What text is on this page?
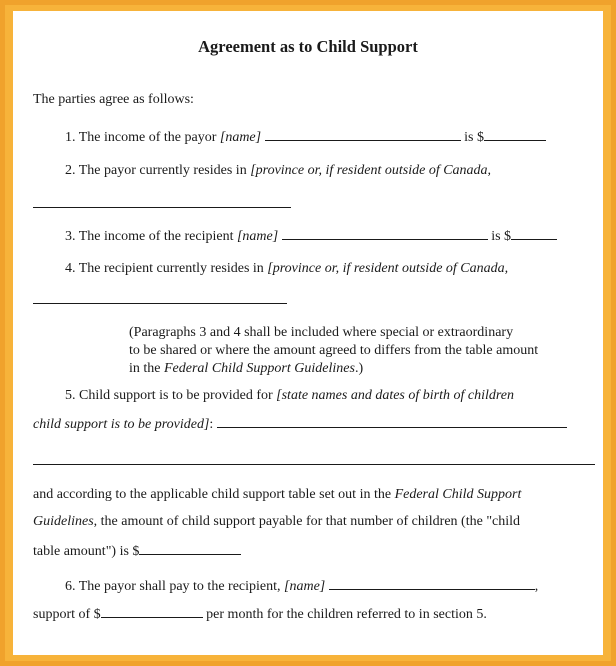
Agreement as to Child Support
The parties agree as follows:
1. The income of the payor [name]	is $
2. The payor currently resides in [province or, if resident outside of Canada,
3. The income of the recipient [name]	is $
4. The recipient currently resides in [province or, if resident outside of Canada,
(Paragraphs 3 and 4 shall be included where special or extraordinary
to be shared or where the amount agreed to differs from the table amount
in the Federal Child Support Guidelines.)
5. Child support is to be provided for [state names and dates of birth of children
child support is to be provided]:
and according to the applicable child support table set out in the Federal Child Support
Guidelines, the amount of child support payable for that number of children (the "child
table amount") is $
6. The payor shall pay to the recipient, [name]	,
support of $	per month for the children referred to in section 5.
